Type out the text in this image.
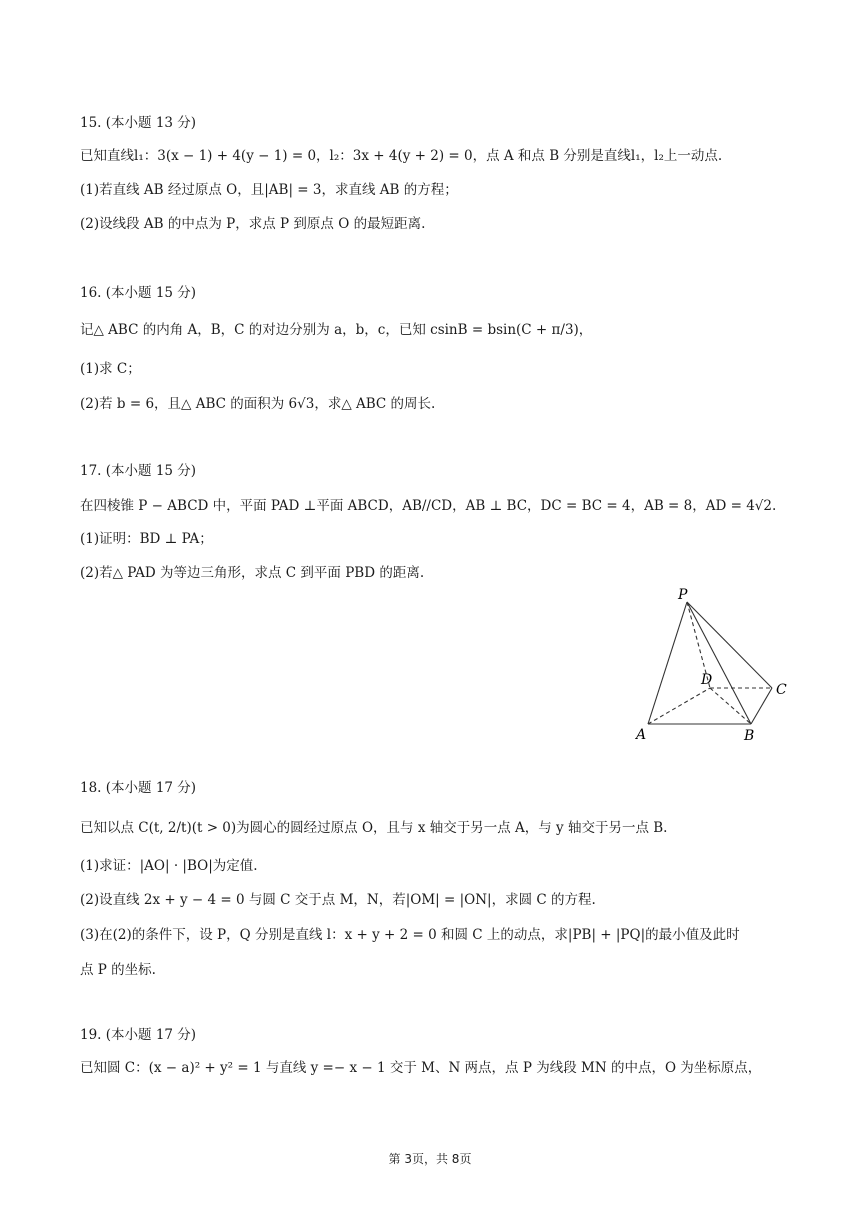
15. (本小题 13 分)
已知直线l₁：3(x − 1) + 4(y − 1) = 0，l₂：3x + 4(y + 2) = 0，点 A 和点 B 分别是直线l₁，l₂上一动点.
(1)若直线 AB 经过原点 O，且|AB| = 3，求直线 AB 的方程；
(2)设线段 AB 的中点为 P，求点 P 到原点 O 的最短距离.
16. (本小题 15 分)
记△ ABC 的内角 A，B，C 的对边分别为 a，b，c，已知 csinB = bsin(C + π/3)，
(1)求 C；
(2)若 b = 6，且△ ABC 的面积为 6√3，求△ ABC 的周长.
17. (本小题 15 分)
在四棱锥 P − ABCD 中，平面 PAD ⊥平面 ABCD，AB//CD，AB ⊥ BC，DC = BC = 4，AB = 8，AD = 4√2.
(1)证明：BD ⊥ PA；
(2)若△ PAD 为等边三角形，求点 C 到平面 PBD 的距离.
P
A	B
C
D
18. (本小题 17 分)
已知以点 C(t, 2/t)(t > 0)为圆心的圆经过原点 O，且与 x 轴交于另一点 A，与 y 轴交于另一点 B.
(1)求证：|AO| · |BO|为定值.
(2)设直线 2x + y − 4 = 0 与圆 C 交于点 M，N，若|OM| = |ON|，求圆 C 的方程.
(3)在(2)的条件下，设 P，Q 分别是直线 l：x + y + 2 = 0 和圆 C 上的动点，求|PB| + |PQ|的最小值及此时
点 P 的坐标.
19. (本小题 17 分)
已知圆 C：(x − a)² + y² = 1 与直线 y =− x − 1 交于 M、N 两点，点 P 为线段 MN 的中点，O 为坐标原点，
第 3页，共 8页
